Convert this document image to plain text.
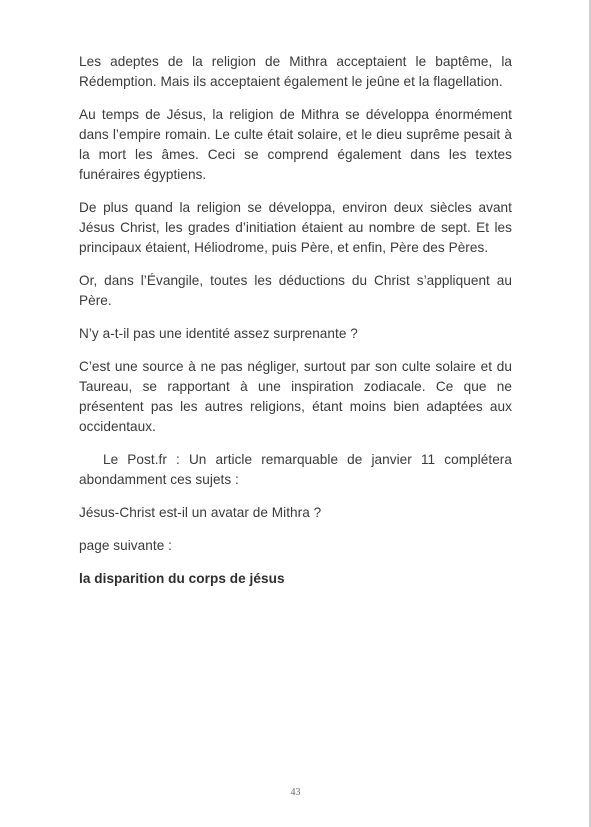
Les adeptes de la religion de Mithra acceptaient le baptême, la Rédemption. Mais ils acceptaient également le jeûne et la flagellation.

Au temps de Jésus, la religion de Mithra se développa énormément dans l’empire romain. Le culte était solaire, et le dieu suprême pesait à la mort les âmes. Ceci se comprend également dans les textes funéraires égyptiens.

De plus quand la religion se développa, environ deux siècles avant Jésus Christ, les grades d’initiation étaient au nombre de sept. Et les principaux étaient, Héliodrome, puis Père, et enfin, Père des Pères.

Or, dans l’Évangile, toutes les déductions du Christ s’appliquent au Père.

N’y a-t-il pas une identité assez surprenante ?

C’est une source à ne pas négliger, surtout par son culte solaire et du Taureau, se rapportant à une inspiration zodiacale. Ce que ne présentent pas les autres religions, étant moins bien adaptées aux occidentaux.

Le Post.fr : Un article remarquable de janvier 11 complétera abondamment ces sujets :

Jésus-Christ est-il un avatar de Mithra ?

page suivante :

la disparition du corps de jésus

43
